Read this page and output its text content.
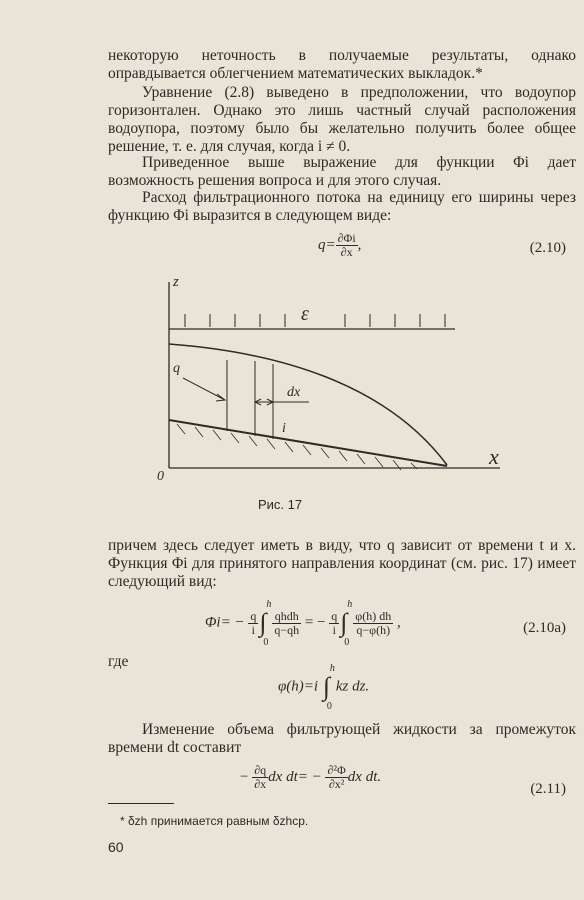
некоторую неточность в получаемые результаты, однако оправдывается облегчением математических выкладок.*

Уравнение (2.8) выведено в предположении, что водоупор горизонтален. Однако это лишь частный случай расположения водоупора, поэтому было бы желательно получить более общее решение, т. е. для случая, когда i ≠ 0.

Приведенное выше выражение для функции Φi дает возможность решения вопроса и для этого случая.

Расход фильтрационного потока на единицу его ширины через функцию Φi выразится в следующем виде:

$q= \frac{\partial\Phi i}{\partial x}$ ,	(2.10)
z
x
0
ε
q
dx
i
Рис. 17

причем здесь следует иметь в виду, что q зависит от времени t и x. Функция Φi для принятого направления координат (см. рис. 17) имеет следующий вид:

$\Phi i= - \frac{q}{i}$
h
∫
0
$\frac{\text{qhdh}}{q-qh}$ = − $\frac{q}{i}$
h
∫
0
$\frac{\varphi(h) dh}{q-\varphi(h)}$ ,	(2.10a)

где

φ(h)=i
h
∫
0
kz dz.

Изменение объема фильтрующей жидкости за промежуток времени dt составит

− $\frac{\partial q}{\partial x}$ dx $dt= - \frac{\text{∂²Φ}}{\text{∂x²}}$ dx dt.
(2.11)
* δzh принимается равным δzhср.
60
